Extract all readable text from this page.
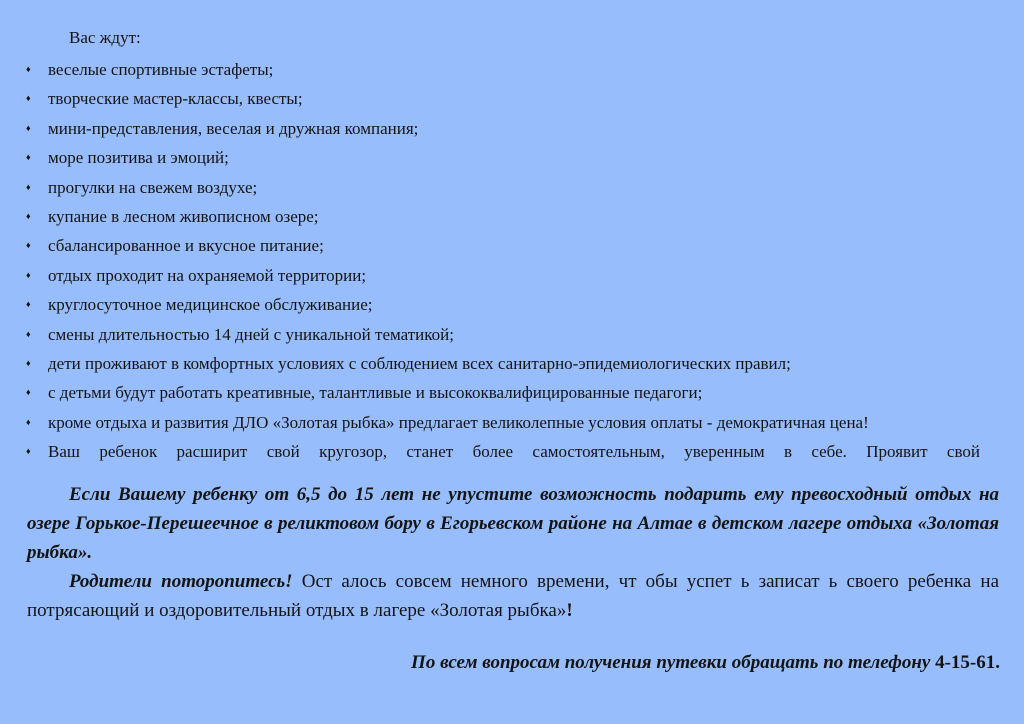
Вас ждут:
♦ веселые спортивные эстафеты;
♦ творческие мастер-классы, квесты;
♦ мини-представления, веселая и дружная компания;
♦ море позитива и эмоций;
♦ прогулки на свежем воздухе;
♦ купание в лесном живописном озере;
♦ сбалансированное и вкусное питание;
♦ отдых проходит на охраняемой территории;
♦ круглосуточное медицинское обслуживание;
♦ смены длительностью 14 дней с уникальной тематикой;
♦ дети проживают в комфортных условиях с соблюдением всех санитарно-эпидемиологических правил;
♦ с детьми будут работать креативные, талантливые и высококвалифицированные педагоги;
♦ кроме отдыха и развития ДЛО «Золотая рыбка» предлагает великолепные условия оплаты - демократичная цена!
♦ Ваш ребенок расширит свой кругозор, станет более самостоятельным, уверенным в себе. Проявит свой

Если Вашему ребенку от 6,5 до 15 лет не упустите возможность подарить ему превосходный отдых на озере Горькое-Перешеечное в реликтовом бору в Егорьевском районе на Алтае в детском лагере отдыха «Золотая рыбка».

Родители поторопитесь! Ост алось совсем немного времени, чт обы успет ь записат ь своего ребенка на потрясающий и оздоровительный отдых в лагере «Золотая рыбка»!

По всем вопросам получения путевки обращать по телефону 4-15-61.
